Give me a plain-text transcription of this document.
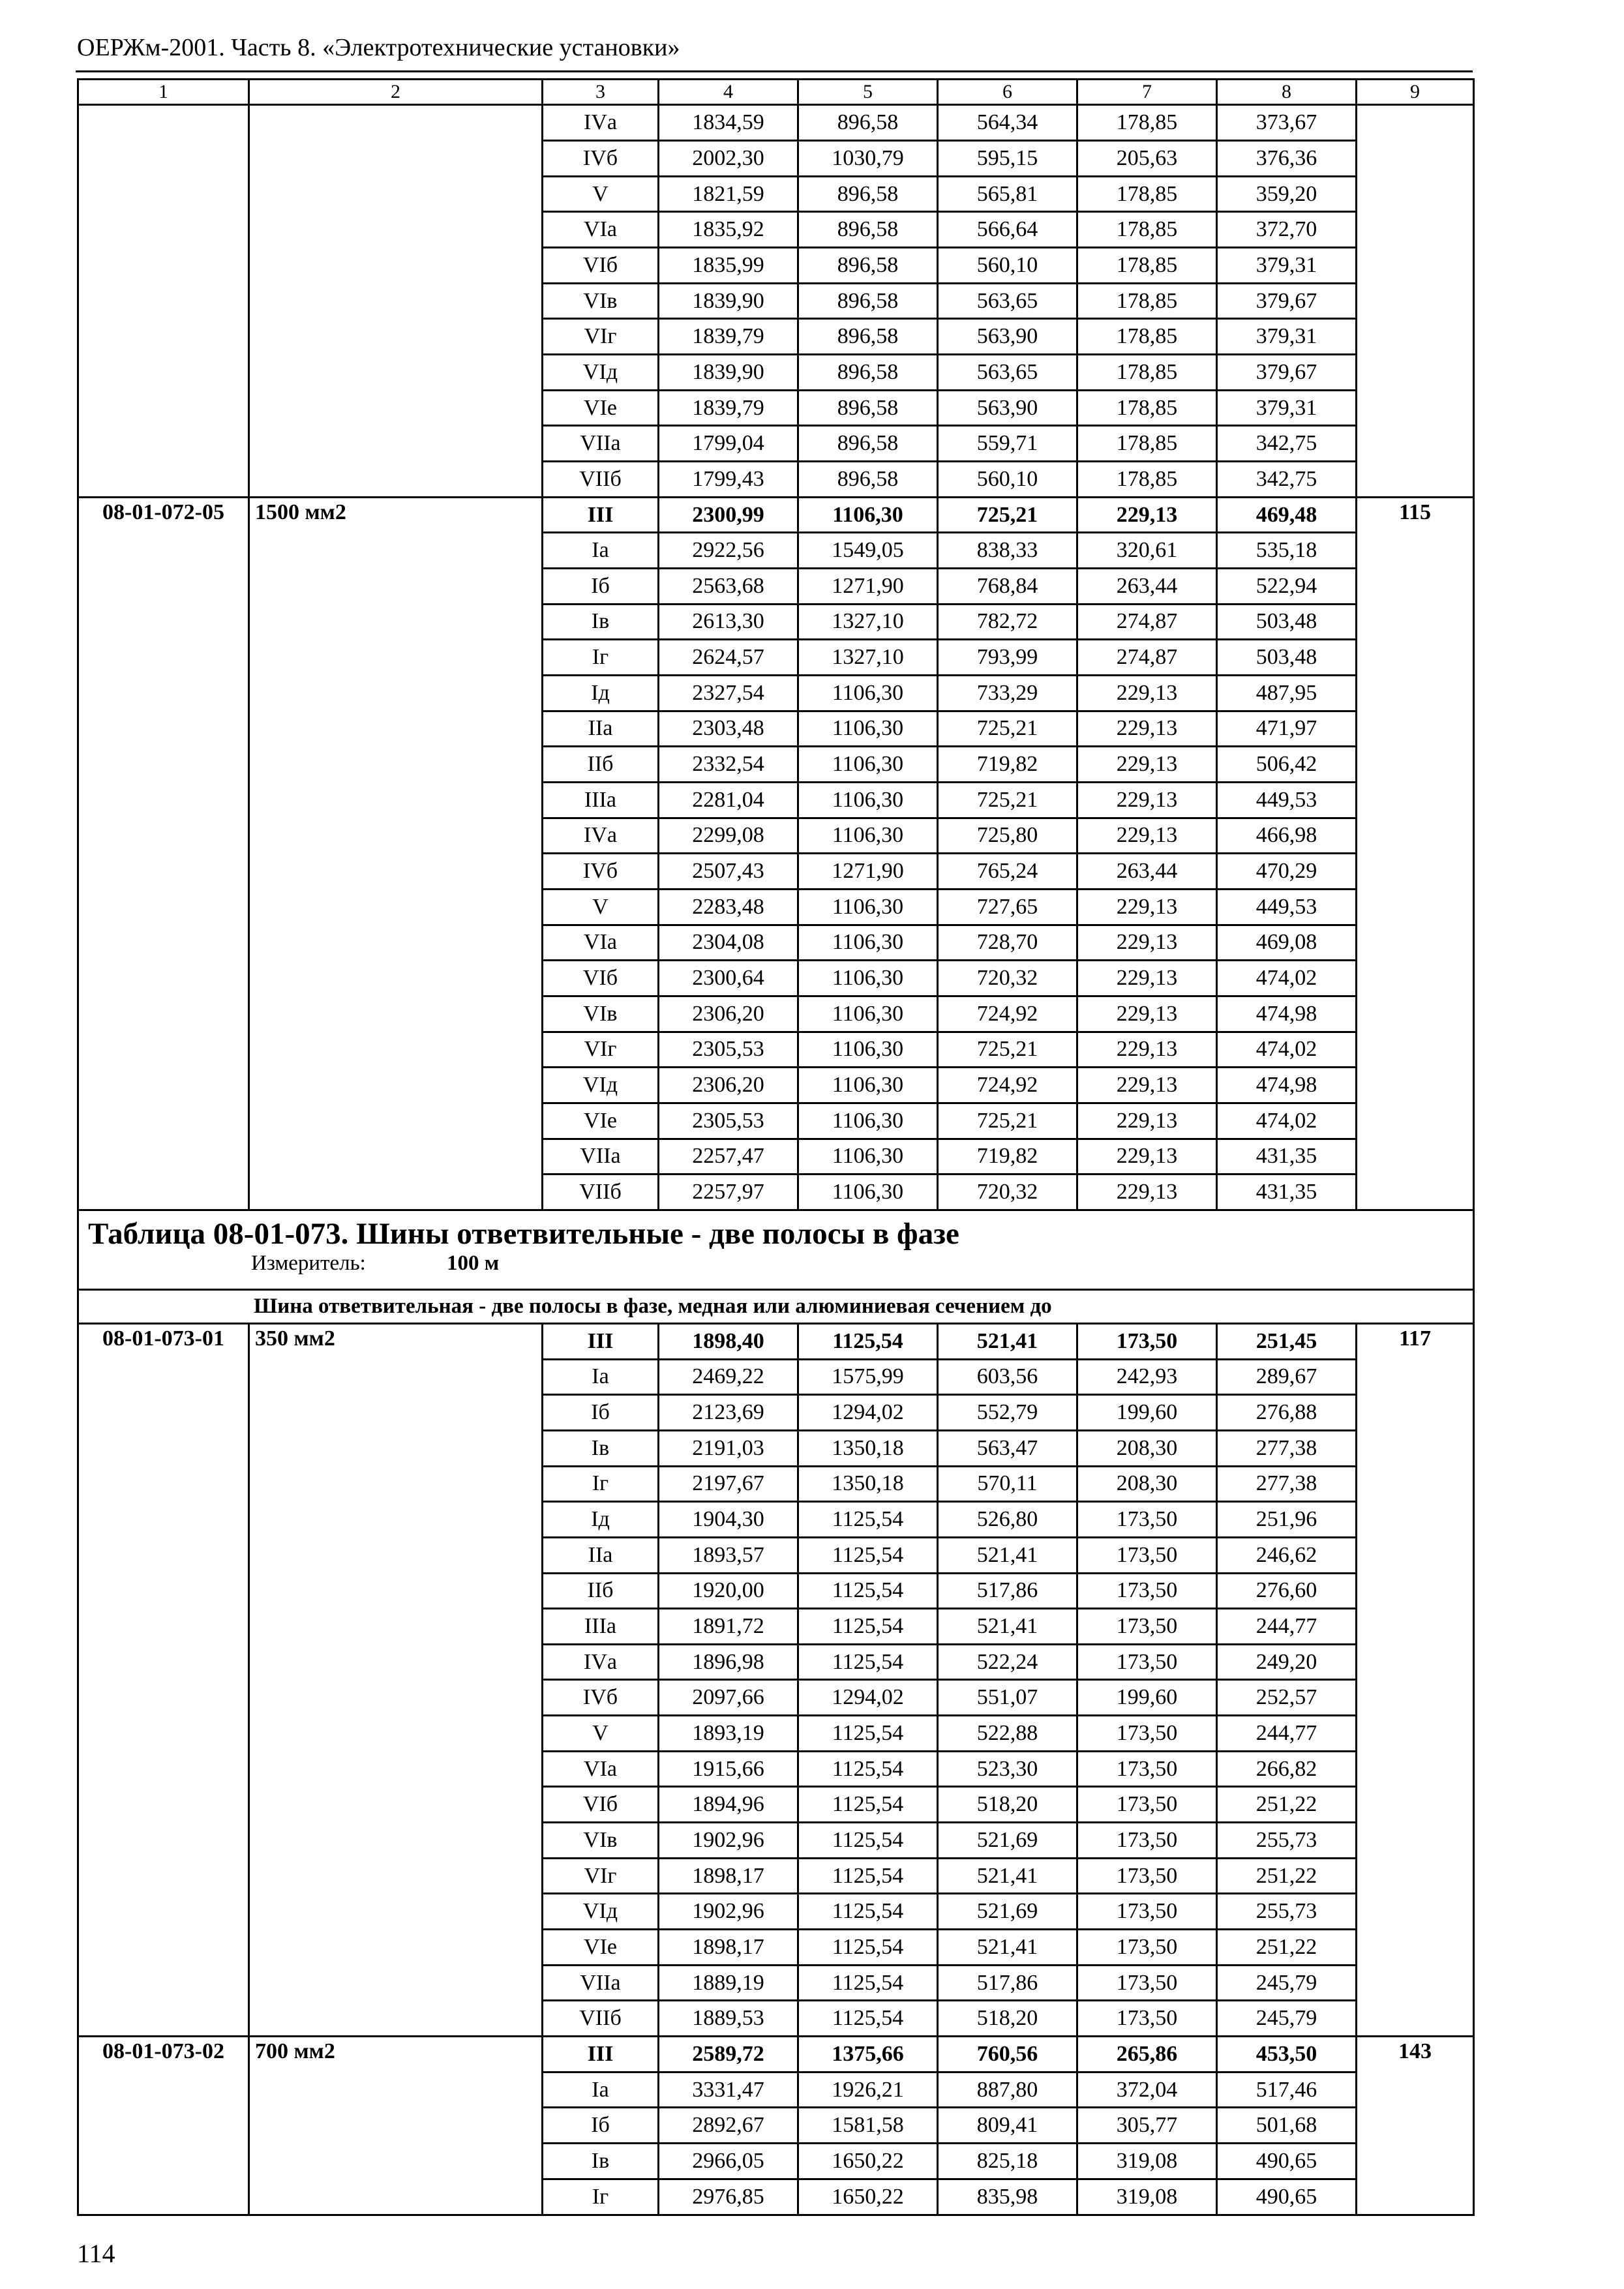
ОЕРЖм-2001. Часть 8. «Электротехнические установки»
1	2	3	4	5	6	7	8	9
		IVа	1834,59	896,58	564,34	178,85	373,67	
		IVб	2002,30	1030,79	595,15	205,63	376,36	
		V	1821,59	896,58	565,81	178,85	359,20	
		VIа	1835,92	896,58	566,64	178,85	372,70	
		VIб	1835,99	896,58	560,10	178,85	379,31	
		VIв	1839,90	896,58	563,65	178,85	379,67	
		VIг	1839,79	896,58	563,90	178,85	379,31	
		VIд	1839,90	896,58	563,65	178,85	379,67	
		VIе	1839,79	896,58	563,90	178,85	379,31	
		VIIа	1799,04	896,58	559,71	178,85	342,75	
		VIIб	1799,43	896,58	560,10	178,85	342,75	
08-01-072-05	1500 мм2	III	2300,99	1106,30	725,21	229,13	469,48	115
		Iа	2922,56	1549,05	838,33	320,61	535,18	
		Iб	2563,68	1271,90	768,84	263,44	522,94	
		Iв	2613,30	1327,10	782,72	274,87	503,48	
		Iг	2624,57	1327,10	793,99	274,87	503,48	
		Iд	2327,54	1106,30	733,29	229,13	487,95	
		IIа	2303,48	1106,30	725,21	229,13	471,97	
		IIб	2332,54	1106,30	719,82	229,13	506,42	
		IIIа	2281,04	1106,30	725,21	229,13	449,53	
		IVа	2299,08	1106,30	725,80	229,13	466,98	
		IVб	2507,43	1271,90	765,24	263,44	470,29	
		V	2283,48	1106,30	727,65	229,13	449,53	
		VIа	2304,08	1106,30	728,70	229,13	469,08	
		VIб	2300,64	1106,30	720,32	229,13	474,02	
		VIв	2306,20	1106,30	724,92	229,13	474,98	
		VIг	2305,53	1106,30	725,21	229,13	474,02	
		VIд	2306,20	1106,30	724,92	229,13	474,98	
		VIе	2305,53	1106,30	725,21	229,13	474,02	
		VIIа	2257,47	1106,30	719,82	229,13	431,35	
		VIIб	2257,97	1106,30	720,32	229,13	431,35	

Таблица 08-01-073. Шины ответвительные - две полосы в фазе
Измеритель: 100 м								

Шина ответвительная - две полосы в фазе, медная или алюминиевая сечением до								
08-01-073-01	350 мм2	III	1898,40	1125,54	521,41	173,50	251,45	117
		Iа	2469,22	1575,99	603,56	242,93	289,67	
		Iб	2123,69	1294,02	552,79	199,60	276,88	
		Iв	2191,03	1350,18	563,47	208,30	277,38	
		Iг	2197,67	1350,18	570,11	208,30	277,38	
		Iд	1904,30	1125,54	526,80	173,50	251,96	
		IIа	1893,57	1125,54	521,41	173,50	246,62	
		IIб	1920,00	1125,54	517,86	173,50	276,60	
		IIIа	1891,72	1125,54	521,41	173,50	244,77	
		IVа	1896,98	1125,54	522,24	173,50	249,20	
		IVб	2097,66	1294,02	551,07	199,60	252,57	
		V	1893,19	1125,54	522,88	173,50	244,77	
		VIа	1915,66	1125,54	523,30	173,50	266,82	
		VIб	1894,96	1125,54	518,20	173,50	251,22	
		VIв	1902,96	1125,54	521,69	173,50	255,73	
		VIг	1898,17	1125,54	521,41	173,50	251,22	
		VIд	1902,96	1125,54	521,69	173,50	255,73	
		VIе	1898,17	1125,54	521,41	173,50	251,22	
		VIIа	1889,19	1125,54	517,86	173,50	245,79	
		VIIб	1889,53	1125,54	518,20	173,50	245,79	
08-01-073-02	700 мм2	III	2589,72	1375,66	760,56	265,86	453,50	143
		Iа	3331,47	1926,21	887,80	372,04	517,46	
		Iб	2892,67	1581,58	809,41	305,77	501,68	
		Iв	2966,05	1650,22	825,18	319,08	490,65	
		Iг	2976,85	1650,22	835,98	319,08	490,65	
114
